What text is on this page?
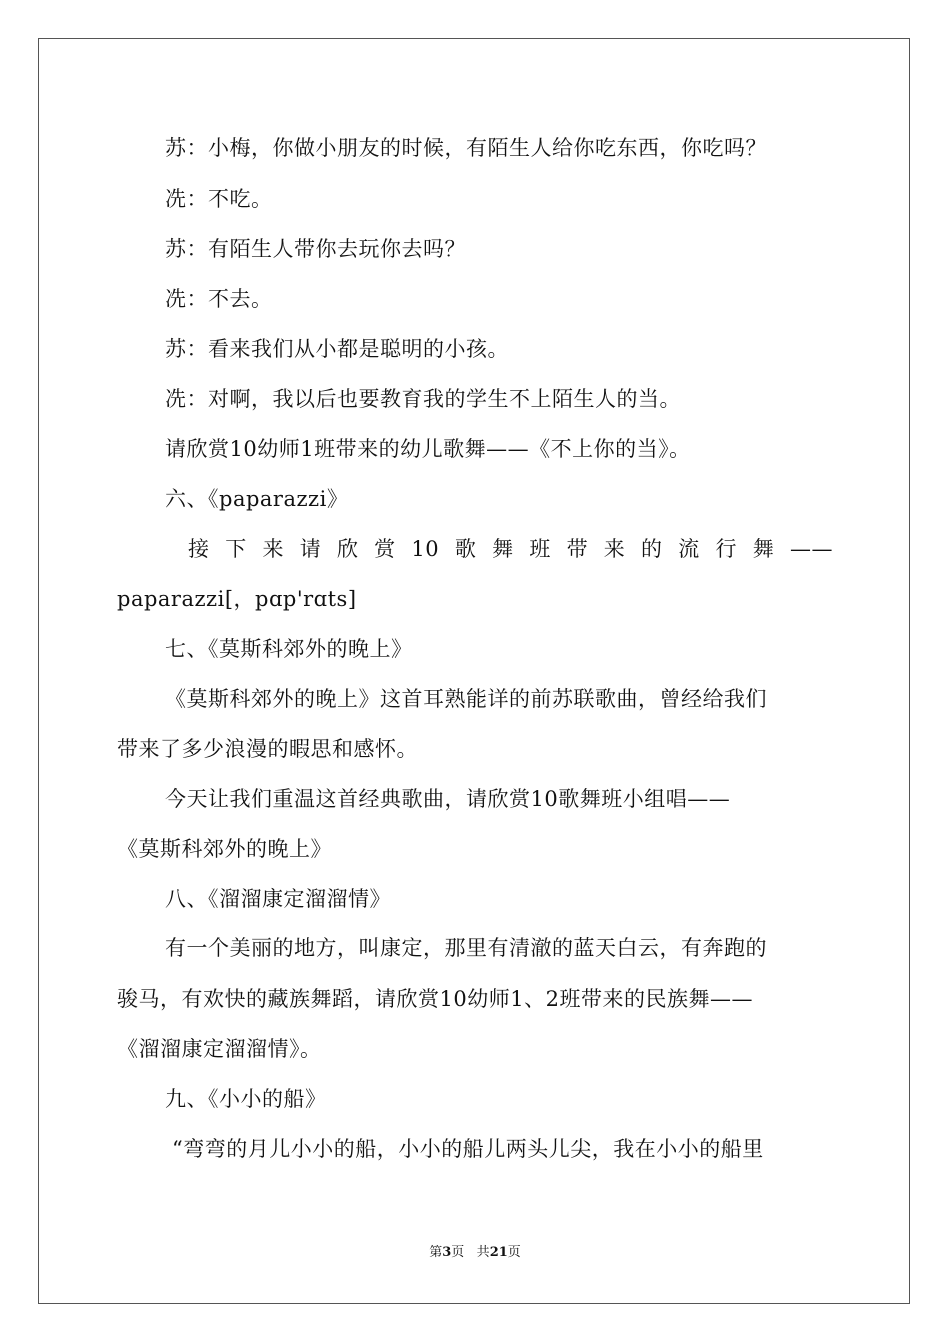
苏：小梅，你做小朋友的时候，有陌生人给你吃东西，你吃吗？
冼：不吃。
苏：有陌生人带你去玩你去吗？
冼：不去。
苏：看来我们从小都是聪明的小孩。
冼：对啊，我以后也要教育我的学生不上陌生人的当。
请欣赏10幼师1班带来的幼儿歌舞——《不上你的当》。
六、《paparazzi》
接下来请欣赏10歌舞班带来的流行舞——
paparazzi[，pɑp'rɑts]
七、《莫斯科郊外的晚上》
《莫斯科郊外的晚上》这首耳熟能详的前苏联歌曲，曾经给我们
带来了多少浪漫的暇思和感怀。
今天让我们重温这首经典歌曲，请欣赏10歌舞班小组唱——
《莫斯科郊外的晚上》
八、《溜溜康定溜溜情》
有一个美丽的地方，叫康定，那里有清澈的蓝天白云，有奔跑的
骏马，有欢快的藏族舞蹈，请欣赏10幼师1、2班带来的民族舞——
《溜溜康定溜溜情》。
九、《小小的船》
“弯弯的月儿小小的船，小小的船儿两头儿尖，我在小小的船里
第3页 共21页
